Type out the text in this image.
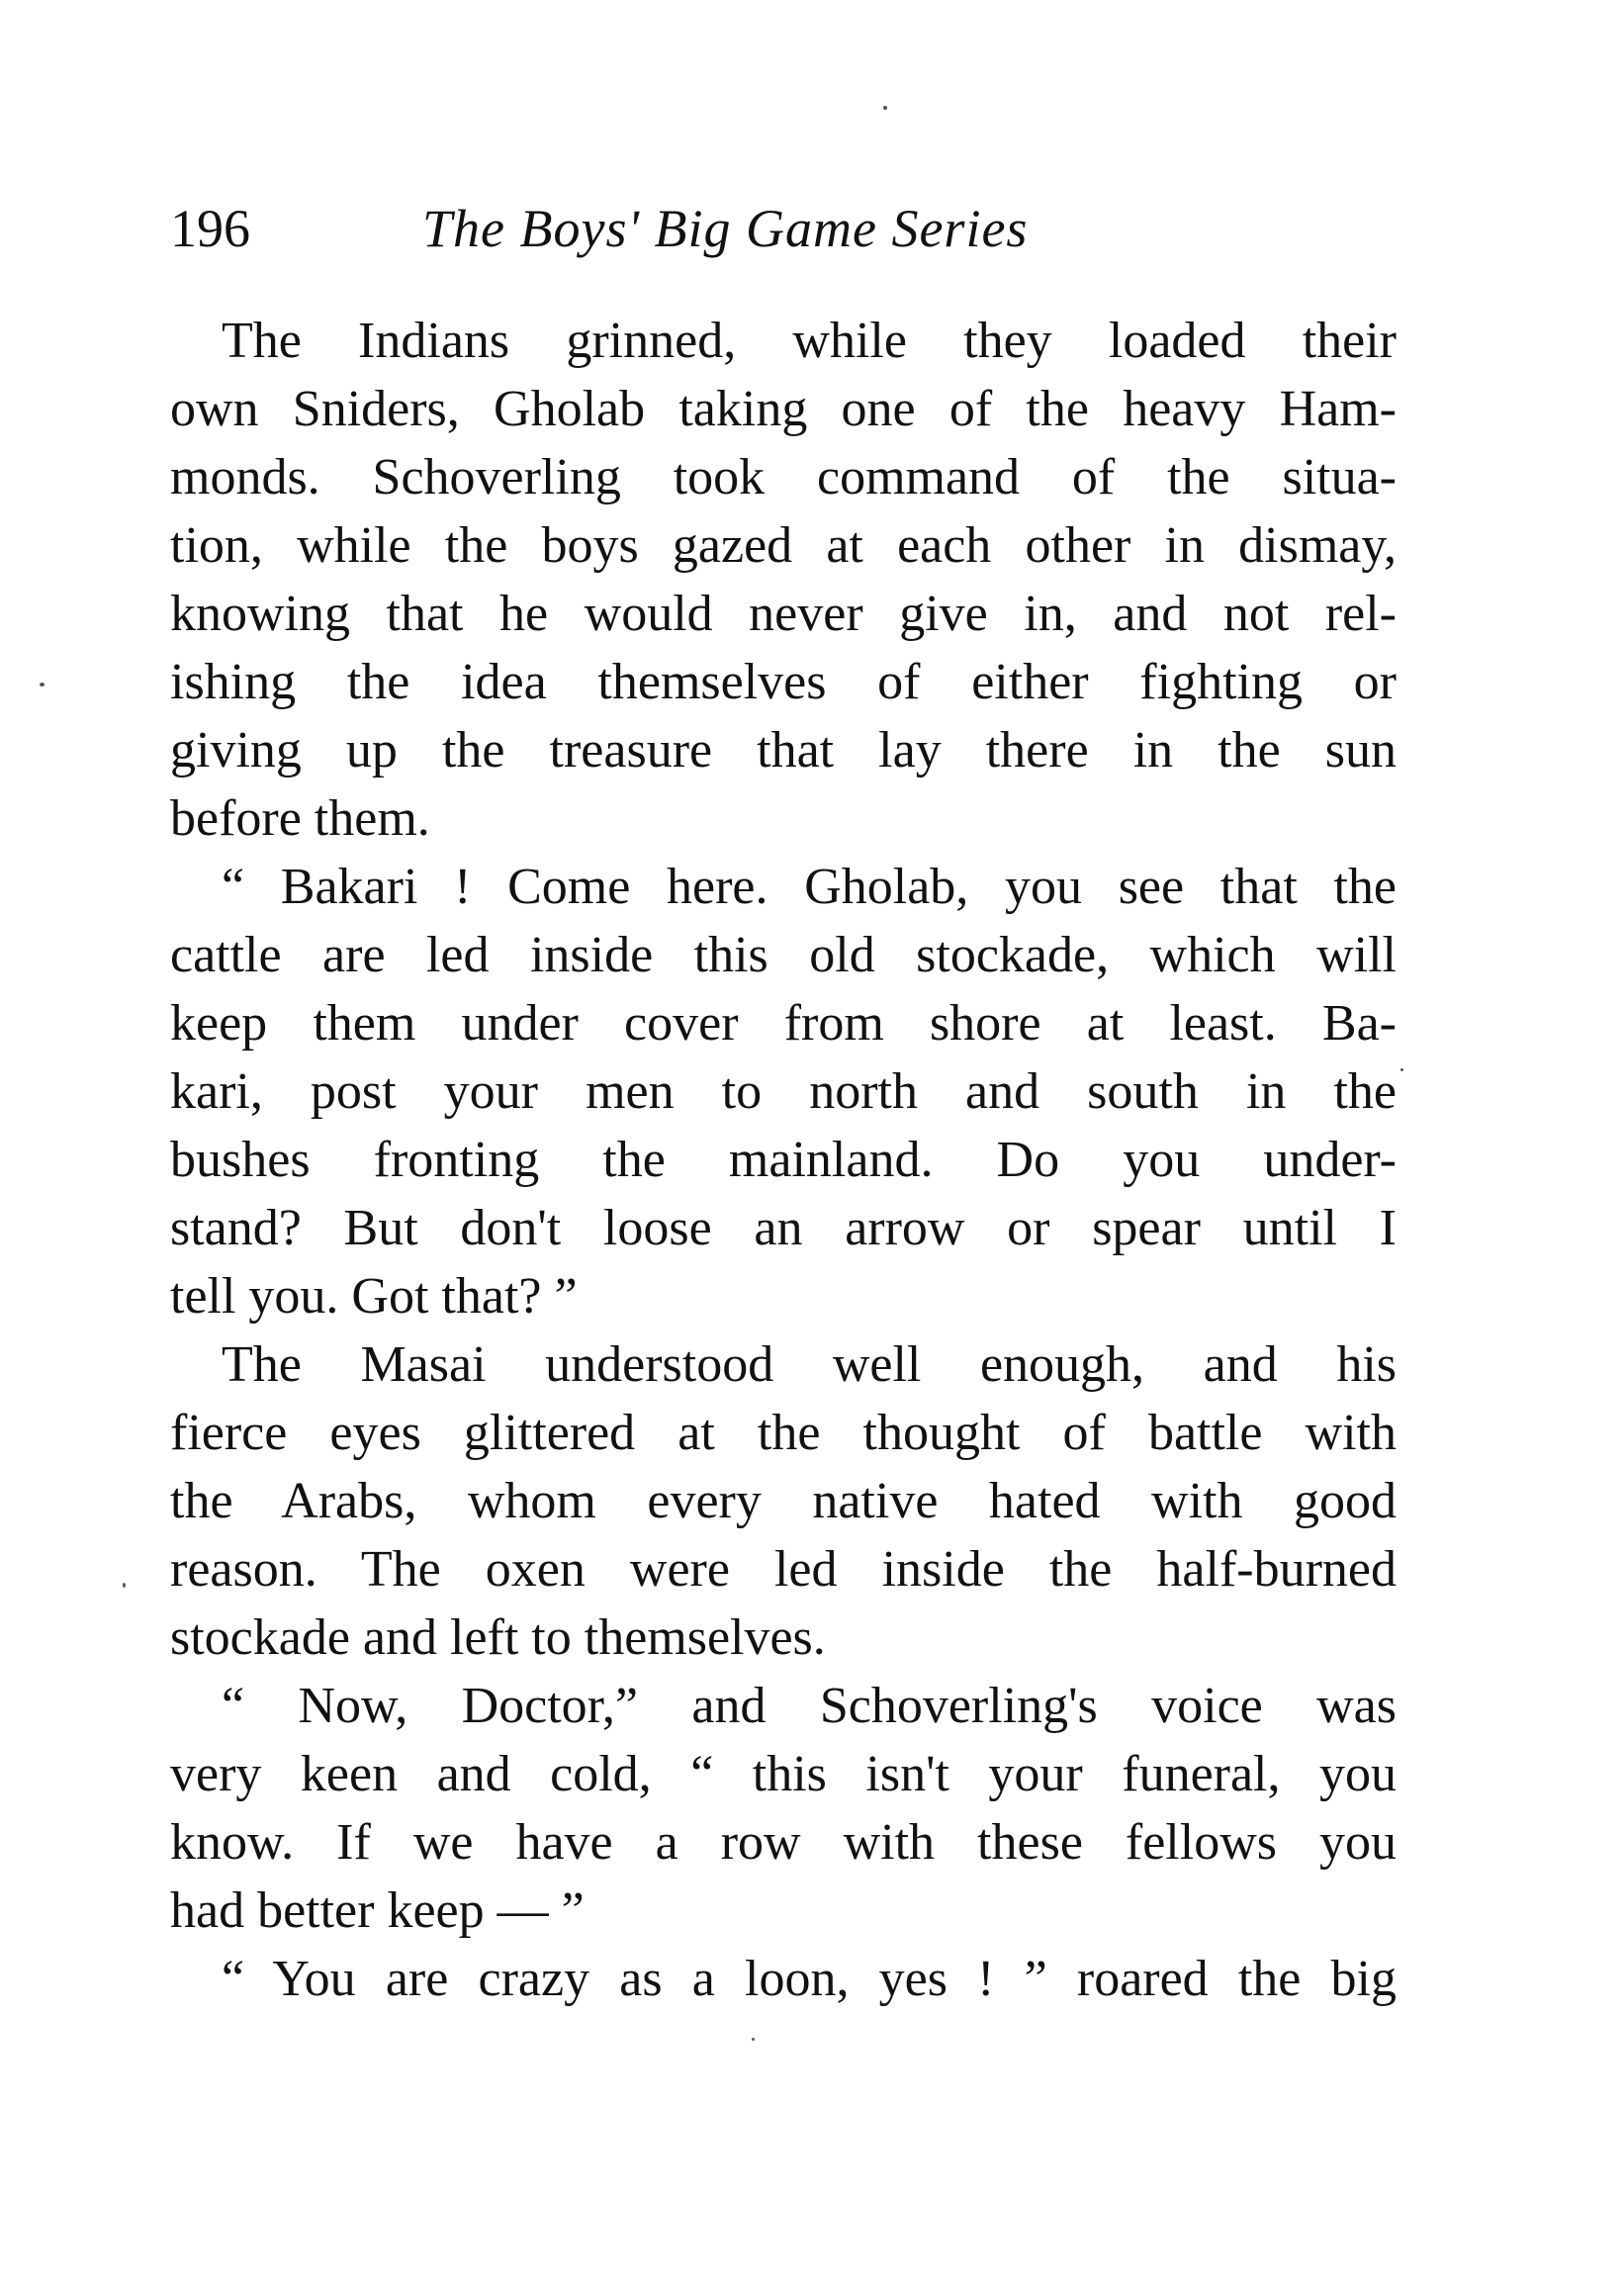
196	The Boys' Big Game Series
The Indians grinned, while they loaded their
own Sniders, Gholab taking one of the heavy Ham-
monds. Schoverling took command of the situa-
tion, while the boys gazed at each other in dismay,
knowing that he would never give in, and not rel-
ishing the idea themselves of either fighting or
giving up the treasure that lay there in the sun
before them.
“ Bakari ! Come here. Gholab, you see that the
cattle are led inside this old stockade, which will
keep them under cover from shore at least. Ba-
kari, post your men to north and south in the
bushes fronting the mainland. Do you under-
stand? But don't loose an arrow or spear until I
tell you. Got that? ”
The Masai understood well enough, and his
fierce eyes glittered at the thought of battle with
the Arabs, whom every native hated with good
reason. The oxen were led inside the half-burned
stockade and left to themselves.
“ Now, Doctor,” and Schoverling's voice was
very keen and cold, “ this isn't your funeral, you
know. If we have a row with these fellows you
had better keep — ”
“ You are crazy as a loon, yes ! ” roared the big
